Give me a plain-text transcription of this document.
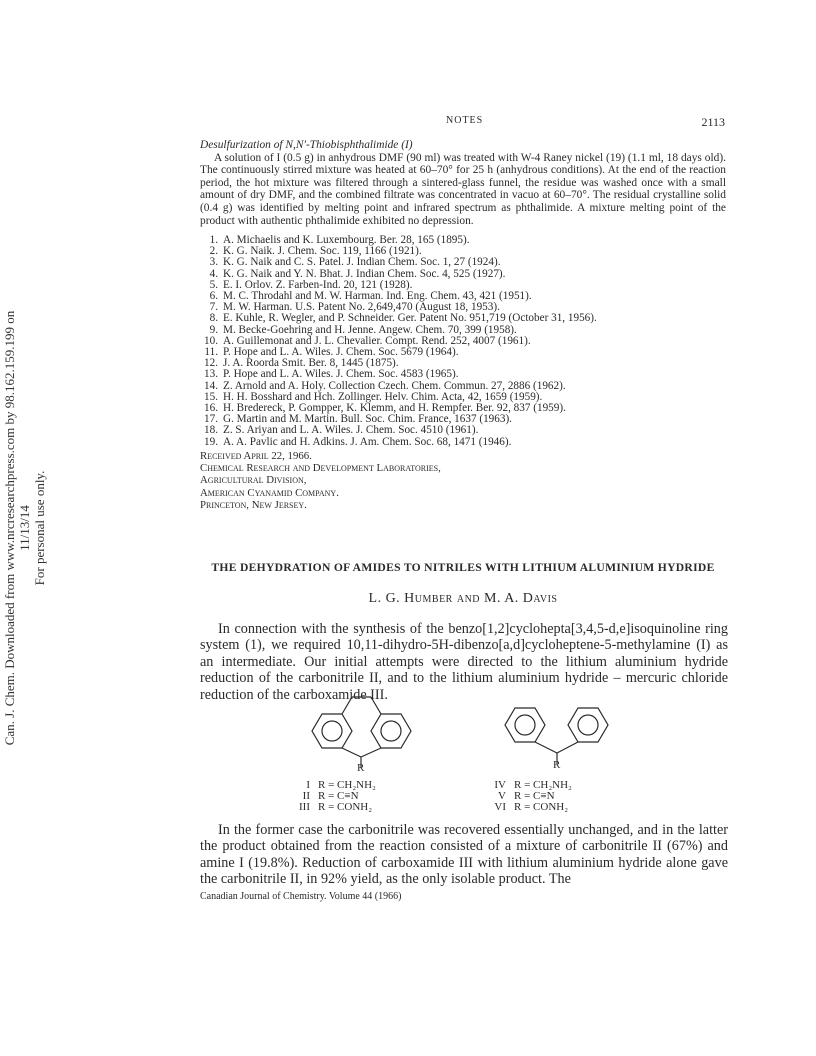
Can. J. Chem. Downloaded from www.nrcresearchpress.com by 98.162.159.199 on 11/13/14 For personal use only.
NOTES	2113
Desulfurization of N,N′-Thiobisphthalimide (I)

A solution of I (0.5 g) in anhydrous DMF (90 ml) was treated with W-4 Raney nickel (19) (1.1 ml, 18 days old). The continuously stirred mixture was heated at 60–70° for 25 h (anhydrous conditions). At the end of the reaction period, the hot mixture was filtered through a sintered-glass funnel, the residue was washed once with a small amount of dry DMF, and the combined filtrate was concentrated in vacuo at 60–70°. The residual crystalline solid (0.4 g) was identified by melting point and infrared spectrum as phthalimide. A mixture melting point of the product with authentic phthalimide exhibited no depression.

1. A. Michaelis and K. Luxembourg. Ber. 28, 165 (1895).
2. K. G. Naik. J. Chem. Soc. 119, 1166 (1921).
3. K. G. Naik and C. S. Patel. J. Indian Chem. Soc. 1, 27 (1924).
4. K. G. Naik and Y. N. Bhat. J. Indian Chem. Soc. 4, 525 (1927).
5. E. I. Orlov. Z. Farben-Ind. 20, 121 (1928).
6. M. C. Throdahl and M. W. Harman. Ind. Eng. Chem. 43, 421 (1951).
7. M. W. Harman. U.S. Patent No. 2,649,470 (August 18, 1953).
8. E. Kuhle, R. Wegler, and P. Schneider. Ger. Patent No. 951,719 (October 31, 1956).
9. M. Becke-Goehring and H. Jenne. Angew. Chem. 70, 399 (1958).
10. A. Guillemonat and J. L. Chevalier. Compt. Rend. 252, 4007 (1961).
11. P. Hope and L. A. Wiles. J. Chem. Soc. 5679 (1964).
12. J. A. Roorda Smit. Ber. 8, 1445 (1875).
13. P. Hope and L. A. Wiles. J. Chem. Soc. 4583 (1965).
14. Z. Arnold and A. Holy. Collection Czech. Chem. Commun. 27, 2886 (1962).
15. H. H. Bosshard and Hch. Zollinger. Helv. Chim. Acta, 42, 1659 (1959).
16. H. Bredereck, P. Gompper, K. Klemm, and H. Rempfer. Ber. 92, 837 (1959).
17. G. Martin and M. Martin. Bull. Soc. Chim. France, 1637 (1963).
18. Z. S. Ariyan and L. A. Wiles. J. Chem. Soc. 4510 (1961).
19. A. A. Pavlic and H. Adkins. J. Am. Chem. Soc. 68, 1471 (1946).
Received April 22, 1966.
Chemical Research and Development Laboratories,
Agricultural Division,
American Cyanamid Company.
Princeton, New Jersey.
THE DEHYDRATION OF AMIDES TO NITRILES WITH LITHIUM ALUMINIUM HYDRIDE
L. G. Humber and M. A. Davis

In connection with the synthesis of the benzo[1,2]cyclohepta[3,4,5-d,e]isoquinoline ring system (1), we required 10,11-dihydro-5H-dibenzo[a,d]cycloheptene-5-methylamine (I) as an intermediate. Our initial attempts were directed to the lithium aluminium hydride reduction of the carbonitrile II, and to the lithium aluminium hydride – mercuric chloride reduction of the carboxamide III.

R	R
I R = CH₂NH₂
II R = C≡N
III R = CONH₂
IV R = CH₂NH₂
V R = C≡N
VI R = CONH₂

In the former case the carbonitrile was recovered essentially unchanged, and in the latter the product obtained from the reaction consisted of a mixture of carbonitrile II (67%) and amine I (19.8%). Reduction of carboxamide III with lithium aluminium hydride alone gave the carbonitrile II, in 92% yield, as the only isolable product. The

Canadian Journal of Chemistry. Volume 44 (1966)
